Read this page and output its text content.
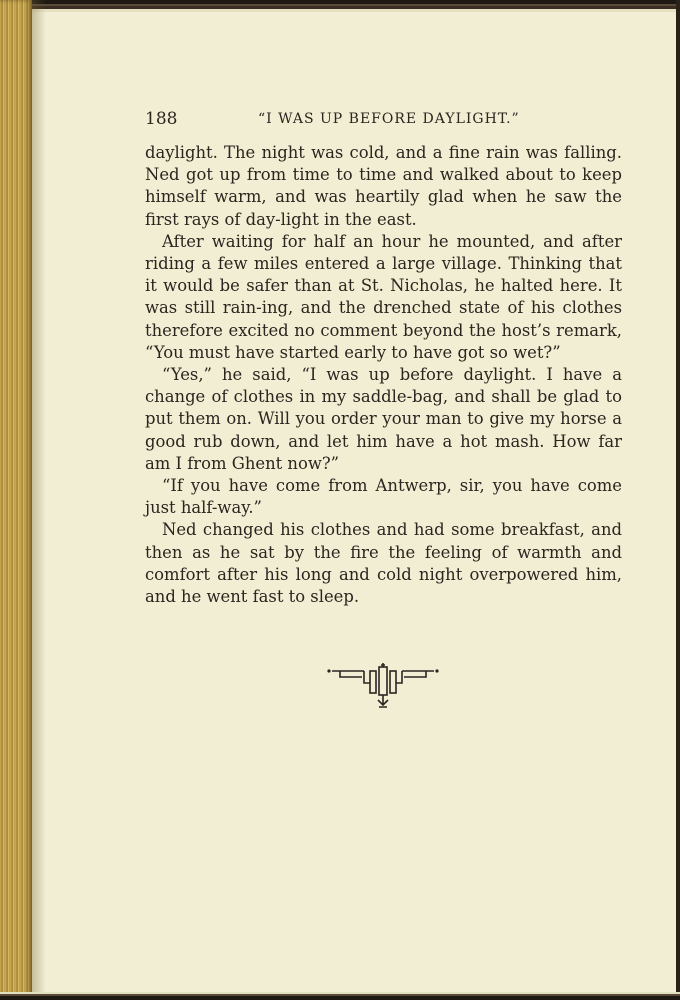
188	“I WAS UP BEFORE DAYLIGHT.”

daylight. The night was cold, and a fine rain was falling. Ned got up from time to time and walked about to keep himself warm, and was heartily glad when he saw the first rays of day-light in the east.

After waiting for half an hour he mounted, and after riding a few miles entered a large village. Thinking that it would be safer than at St. Nicholas, he halted here. It was still rain-ing, and the drenched state of his clothes therefore excited no comment beyond the host’s remark, “You must have started early to have got so wet?”

“Yes,” he said, “I was up before daylight. I have a change of clothes in my saddle-bag, and shall be glad to put them on. Will you order your man to give my horse a good rub down, and let him have a hot mash. How far am I from Ghent now?”

“If you have come from Antwerp, sir, you have come just half-way.”

Ned changed his clothes and had some breakfast, and then as he sat by the fire the feeling of warmth and comfort after his long and cold night overpowered him, and he went fast to sleep.
